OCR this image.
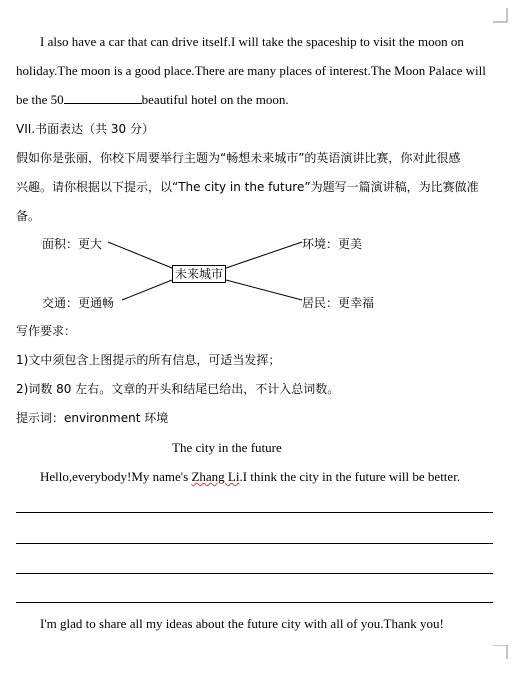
I also have a car that can drive itself.I will take the spaceship to visit the moon on
holiday.The moon is a good place.There are many places of interest.The Moon Palace will
be the 50	beautiful hotel on the moon.
VII.书面表达（共 30 分）
假如你是张丽，你校下周要举行主题为“畅想未来城市”的英语演讲比赛，你对此很感
兴趣。请你根据以下提示，以“The city in the future”为题写一篇演讲稿，为比赛做准
备。
面积：更大
交通：更通畅
未来城市
环境：更美
居民：更幸福
写作要求：
1)文中须包含上图提示的所有信息，可适当发挥；
2)词数 80 左右。文章的开头和结尾已给出，不计入总词数。
提示词：environment 环境
The city in the future
Hello,everybody!My name's Zhang Li.I think the city in the future will be better.
I'm glad to share all my ideas about the future city with all of you.Thank you!
